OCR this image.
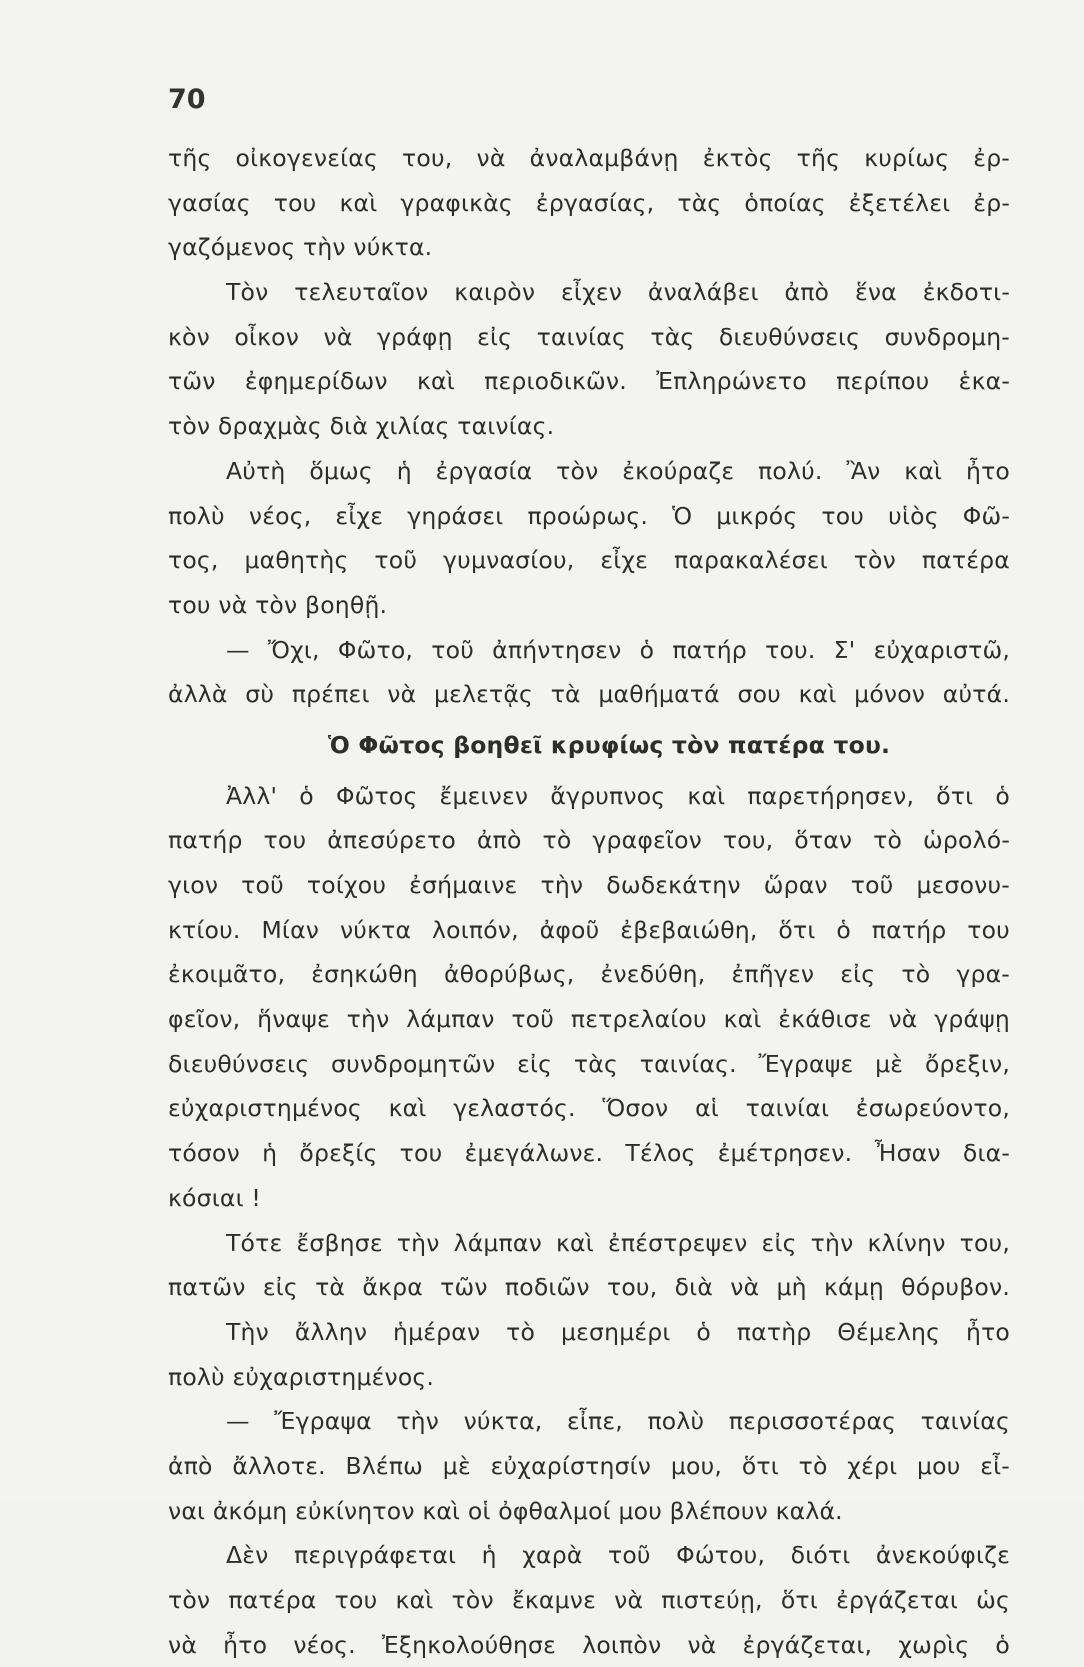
70
τῆς οἰκογενείας του, νὰ ἀναλαμβάνῃ ἐκτὸς τῆς κυρίως ἐρ-
γασίας του καὶ γραφικὰς ἐργασίας, τὰς ὁποίας ἐξετέλει ἐρ-
γαζόμενος τὴν νύκτα.
Τὸν τελευταῖον καιρὸν εἶχεν ἀναλάβει ἀπὸ ἕνα ἐκδοτι-
κὸν οἶκον νὰ γράφῃ εἰς ταινίας τὰς διευθύνσεις συνδρομη-
τῶν ἐφημερίδων καὶ περιοδικῶν. Ἐπληρώνετο περίπου ἑκα-
τὸν δραχμὰς διὰ χιλίας ταινίας.
Αὐτὴ ὅμως ἡ ἐργασία τὸν ἐκούραζε πολύ. Ἂν καὶ ἦτο
πολὺ νέος, εἶχε γηράσει προώρως. Ὁ μικρός του υἱὸς Φῶ-
τος, μαθητὴς τοῦ γυμνασίου, εἶχε παρακαλέσει τὸν πατέρα
του νὰ τὸν βοηθῇ.
— Ὄχι, Φῶτο, τοῦ ἀπήντησεν ὁ πατήρ του. Σ' εὐχαριστῶ,
ἀλλὰ σὺ πρέπει νὰ μελετᾷς τὰ μαθήματά σου καὶ μόνον αὐτά.
Ὁ Φῶτος βοηθεῖ κρυφίως τὸν πατέρα του.
Ἀλλ' ὁ Φῶτος ἔμεινεν ἄγρυπνος καὶ παρετήρησεν, ὅτι ὁ
πατήρ του ἀπεσύρετο ἀπὸ τὸ γραφεῖον του, ὅταν τὸ ὡρολό-
γιον τοῦ τοίχου ἐσήμαινε τὴν δωδεκάτην ὥραν τοῦ μεσονυ-
κτίου. Μίαν νύκτα λοιπόν, ἀφοῦ ἐβεβαιώθη, ὅτι ὁ πατήρ του
ἐκοιμᾶτο, ἐσηκώθη ἀθορύβως, ἐνεδύθη, ἐπῆγεν εἰς τὸ γρα-
φεῖον, ἥναψε τὴν λάμπαν τοῦ πετρελαίου καὶ ἐκάθισε νὰ γράψῃ
διευθύνσεις συνδρομητῶν εἰς τὰς ταινίας. Ἔγραψε μὲ ὄρεξιν,
εὐχαριστημένος καὶ γελαστός. Ὅσον αἱ ταινίαι ἐσωρεύοντο,
τόσον ἡ ὄρεξίς του ἐμεγάλωνε. Τέλος ἐμέτρησεν. Ἦσαν δια-
κόσιαι !
Τότε ἔσβησε τὴν λάμπαν καὶ ἐπέστρεψεν εἰς τὴν κλίνην του,
πατῶν εἰς τὰ ἄκρα τῶν ποδιῶν του, διὰ νὰ μὴ κάμῃ θόρυβον.
Τὴν ἄλλην ἡμέραν τὸ μεσημέρι ὁ πατὴρ Θέμελης ἦτο
πολὺ εὐχαριστημένος.
— Ἔγραψα τὴν νύκτα, εἶπε, πολὺ περισσοτέρας ταινίας
ἀπὸ ἄλλοτε. Βλέπω μὲ εὐχαρίστησίν μου, ὅτι τὸ χέρι μου εἶ-
ναι ἀκόμη εὐκίνητον καὶ οἱ ὀφθαλμοί μου βλέπουν καλά.
Δὲν περιγράφεται ἡ χαρὰ τοῦ Φώτου, διότι ἀνεκούφιζε
τὸν πατέρα του καὶ τὸν ἔκαμνε νὰ πιστεύῃ, ὅτι ἐργάζεται ὡς
νὰ ἦτο νέος. Ἐξηκολούθησε λοιπὸν νὰ ἐργάζεται, χωρὶς ὁ
